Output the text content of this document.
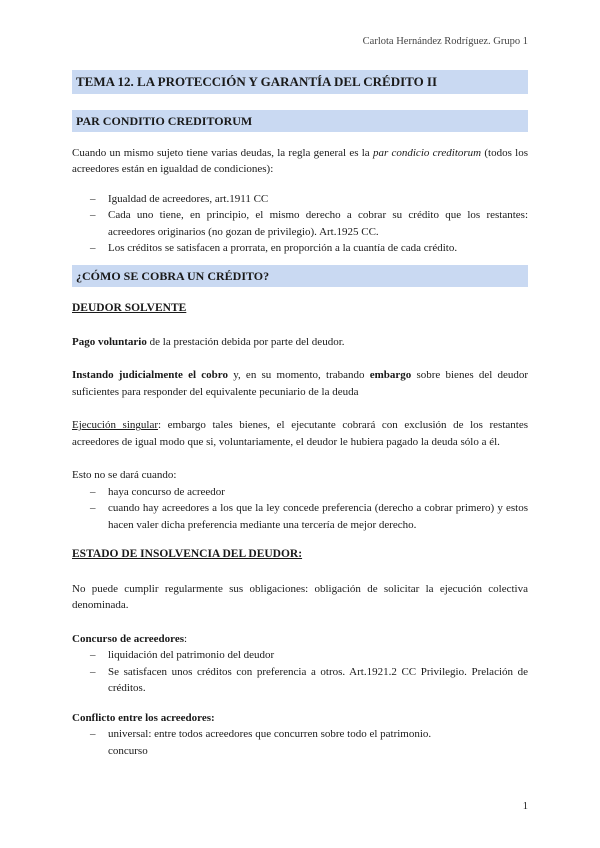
Carlota Hernández Rodríguez. Grupo 1
TEMA 12. LA PROTECCIÓN Y GARANTÍA DEL CRÉDITO II
PAR CONDITIO CREDITORUM

Cuando un mismo sujeto tiene varias deudas, la regla general es la par condicio creditorum (todos los acreedores están en igualdad de condiciones):

– Igualdad de acreedores, art.1911 CC
– Cada uno tiene, en principio, el mismo derecho a cobrar su crédito que los restantes: acreedores originarios (no gozan de privilegio). Art.1925 CC.
– Los créditos se satisfacen a prorrata, en proporción a la cuantía de cada crédito.
¿CÓMO SE COBRA UN CRÉDITO?
DEUDOR SOLVENTE

Pago voluntario de la prestación debida por parte del deudor.

Instando judicialmente el cobro y, en su momento, trabando embargo sobre bienes del deudor suficientes para responder del equivalente pecuniario de la deuda

Ejecución singular: embargo tales bienes, el ejecutante cobrará con exclusión de los restantes acreedores de igual modo que si, voluntariamente, el deudor le hubiera pagado la deuda sólo a él.

Esto no se dará cuando:

– haya concurso de acreedor
– cuando hay acreedores a los que la ley concede preferencia (derecho a cobrar primero) y estos hacen valer dicha preferencia mediante una tercería de mejor derecho.
ESTADO DE INSOLVENCIA DEL DEUDOR:

No puede cumplir regularmente sus obligaciones: obligación de solicitar la ejecución colectiva denominada.

Concurso de acreedores:

– liquidación del patrimonio del deudor
– Se satisfacen unos créditos con preferencia a otros. Art.1921.2 CC Privilegio. Prelación de créditos.

Conflicto entre los acreedores:

– universal: entre todos acreedores que concurren sobre todo el patrimonio.
concurso
1
